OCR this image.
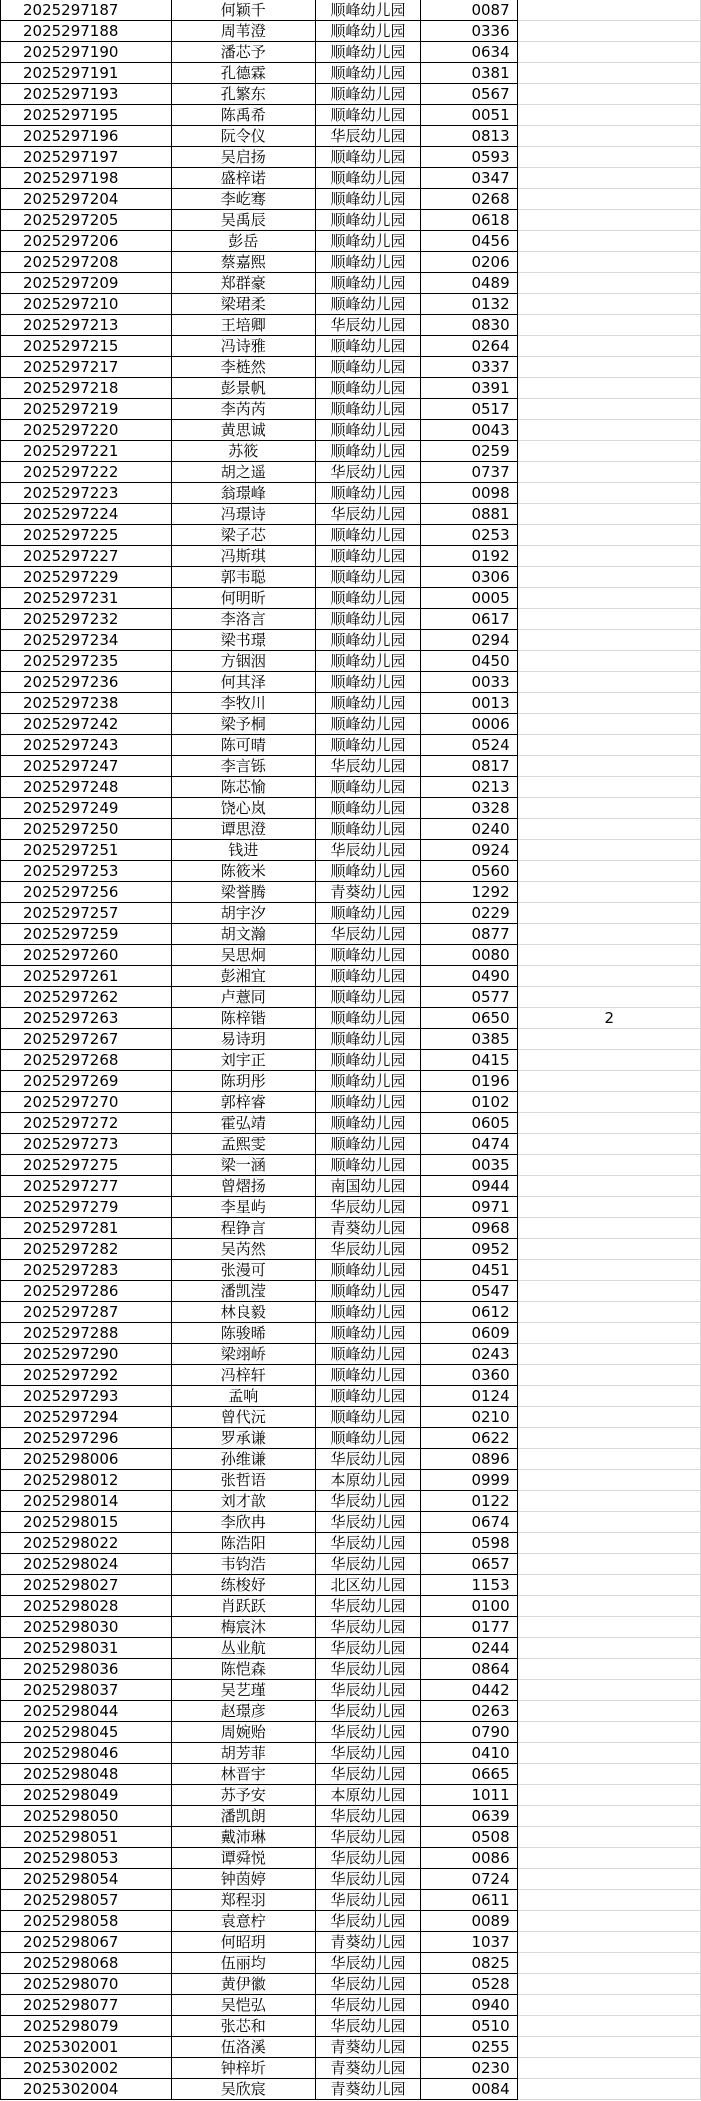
2025297187	何颖千	顺峰幼儿园	0087	
2025297188	周苇澄	顺峰幼儿园	0336	
2025297190	潘芯予	顺峰幼儿园	0634	
2025297191	孔德霖	顺峰幼儿园	0381	
2025297193	孔繁东	顺峰幼儿园	0567	
2025297195	陈禹希	顺峰幼儿园	0051	
2025297196	阮令仪	华辰幼儿园	0813	
2025297197	吴启扬	顺峰幼儿园	0593	
2025297198	盛梓诺	顺峰幼儿园	0347	
2025297204	李屹骞	顺峰幼儿园	0268	
2025297205	吴禹辰	顺峰幼儿园	0618	
2025297206	彭岳	顺峰幼儿园	0456	
2025297208	蔡嘉熙	顺峰幼儿园	0206	
2025297209	郑群豪	顺峰幼儿园	0489	
2025297210	梁珺柔	顺峰幼儿园	0132	
2025297213	王培卿	华辰幼儿园	0830	
2025297215	冯诗雅	顺峰幼儿园	0264	
2025297217	李梿然	顺峰幼儿园	0337	
2025297218	彭景帆	顺峰幼儿园	0391	
2025297219	李芮芮	顺峰幼儿园	0517	
2025297220	黄思诚	顺峰幼儿园	0043	
2025297221	苏筱	顺峰幼儿园	0259	
2025297222	胡之遥	华辰幼儿园	0737	
2025297223	翁璟峰	顺峰幼儿园	0098	
2025297224	冯璟诗	华辰幼儿园	0881	
2025297225	梁子芯	顺峰幼儿园	0253	
2025297227	冯斯琪	顺峰幼儿园	0192	
2025297229	郭韦聪	顺峰幼儿园	0306	
2025297231	何明昕	顺峰幼儿园	0005	
2025297232	李洛言	顺峰幼儿园	0617	
2025297234	梁书璟	顺峰幼儿园	0294	
2025297235	方铟洇	顺峰幼儿园	0450	
2025297236	何其泽	顺峰幼儿园	0033	
2025297238	李牧川	顺峰幼儿园	0013	
2025297242	梁予桐	顺峰幼儿园	0006	
2025297243	陈可晴	顺峰幼儿园	0524	
2025297247	李言铄	华辰幼儿园	0817	
2025297248	陈芯愉	顺峰幼儿园	0213	
2025297249	饶心岚	顺峰幼儿园	0328	
2025297250	谭思澄	顺峰幼儿园	0240	
2025297251	钱进	华辰幼儿园	0924	
2025297253	陈筱米	顺峰幼儿园	0560	
2025297256	梁誉腾	青葵幼儿园	1292	
2025297257	胡宇汐	顺峰幼儿园	0229	
2025297259	胡文瀚	华辰幼儿园	0877	
2025297260	吴思炯	顺峰幼儿园	0080	
2025297261	彭湘宜	顺峰幼儿园	0490	
2025297262	卢薏同	顺峰幼儿园	0577	
2025297263	陈梓锴	顺峰幼儿园	0650	2
2025297267	易诗玥	顺峰幼儿园	0385	
2025297268	刘宇正	顺峰幼儿园	0415	
2025297269	陈玥彤	顺峰幼儿园	0196	
2025297270	郭梓睿	顺峰幼儿园	0102	
2025297272	霍弘靖	顺峰幼儿园	0605	
2025297273	孟熙雯	顺峰幼儿园	0474	
2025297275	梁一涵	顺峰幼儿园	0035	
2025297277	曾熠扬	南国幼儿园	0944	
2025297279	李星屿	华辰幼儿园	0971	
2025297281	程铮言	青葵幼儿园	0968	
2025297282	吴芮然	华辰幼儿园	0952	
2025297283	张漫可	顺峰幼儿园	0451	
2025297286	潘凯滢	顺峰幼儿园	0547	
2025297287	林良毅	顺峰幼儿园	0612	
2025297288	陈骏晞	顺峰幼儿园	0609	
2025297290	梁翊峤	顺峰幼儿园	0243	
2025297292	冯梓轩	顺峰幼儿园	0360	
2025297293	孟响	顺峰幼儿园	0124	
2025297294	曾代沅	顺峰幼儿园	0210	
2025297296	罗承谦	顺峰幼儿园	0622	
2025298006	孙维谦	华辰幼儿园	0896	
2025298012	张哲语	本原幼儿园	0999	
2025298014	刘才歆	华辰幼儿园	0122	
2025298015	李欣冉	华辰幼儿园	0674	
2025298022	陈浩阳	华辰幼儿园	0598	
2025298024	韦钧浩	华辰幼儿园	0657	
2025298027	练梭妤	北区幼儿园	1153	
2025298028	肖跃跃	华辰幼儿园	0100	
2025298030	梅宸沐	华辰幼儿园	0177	
2025298031	丛业航	华辰幼儿园	0244	
2025298036	陈恺森	华辰幼儿园	0864	
2025298037	吴艺瑾	华辰幼儿园	0442	
2025298044	赵璟彦	华辰幼儿园	0263	
2025298045	周婉贻	华辰幼儿园	0790	
2025298046	胡芳菲	华辰幼儿园	0410	
2025298048	林晋宇	华辰幼儿园	0665	
2025298049	苏予安	本原幼儿园	1011	
2025298050	潘凯朗	华辰幼儿园	0639	
2025298051	戴沛琳	华辰幼儿园	0508	
2025298053	谭舜悦	华辰幼儿园	0086	
2025298054	钟茵婷	华辰幼儿园	0724	
2025298057	郑程羽	华辰幼儿园	0611	
2025298058	袁意柠	华辰幼儿园	0089	
2025298067	何昭玥	青葵幼儿园	1037	
2025298068	伍丽均	华辰幼儿园	0825	
2025298070	黄伊徽	华辰幼儿园	0528	
2025298077	吴恺弘	华辰幼儿园	0940	
2025298079	张芯和	华辰幼儿园	0510	
2025302001	伍洛溪	青葵幼儿园	0255	
2025302002	钟梓圻	青葵幼儿园	0230	
2025302004	吴欣宸	青葵幼儿园	0084	
